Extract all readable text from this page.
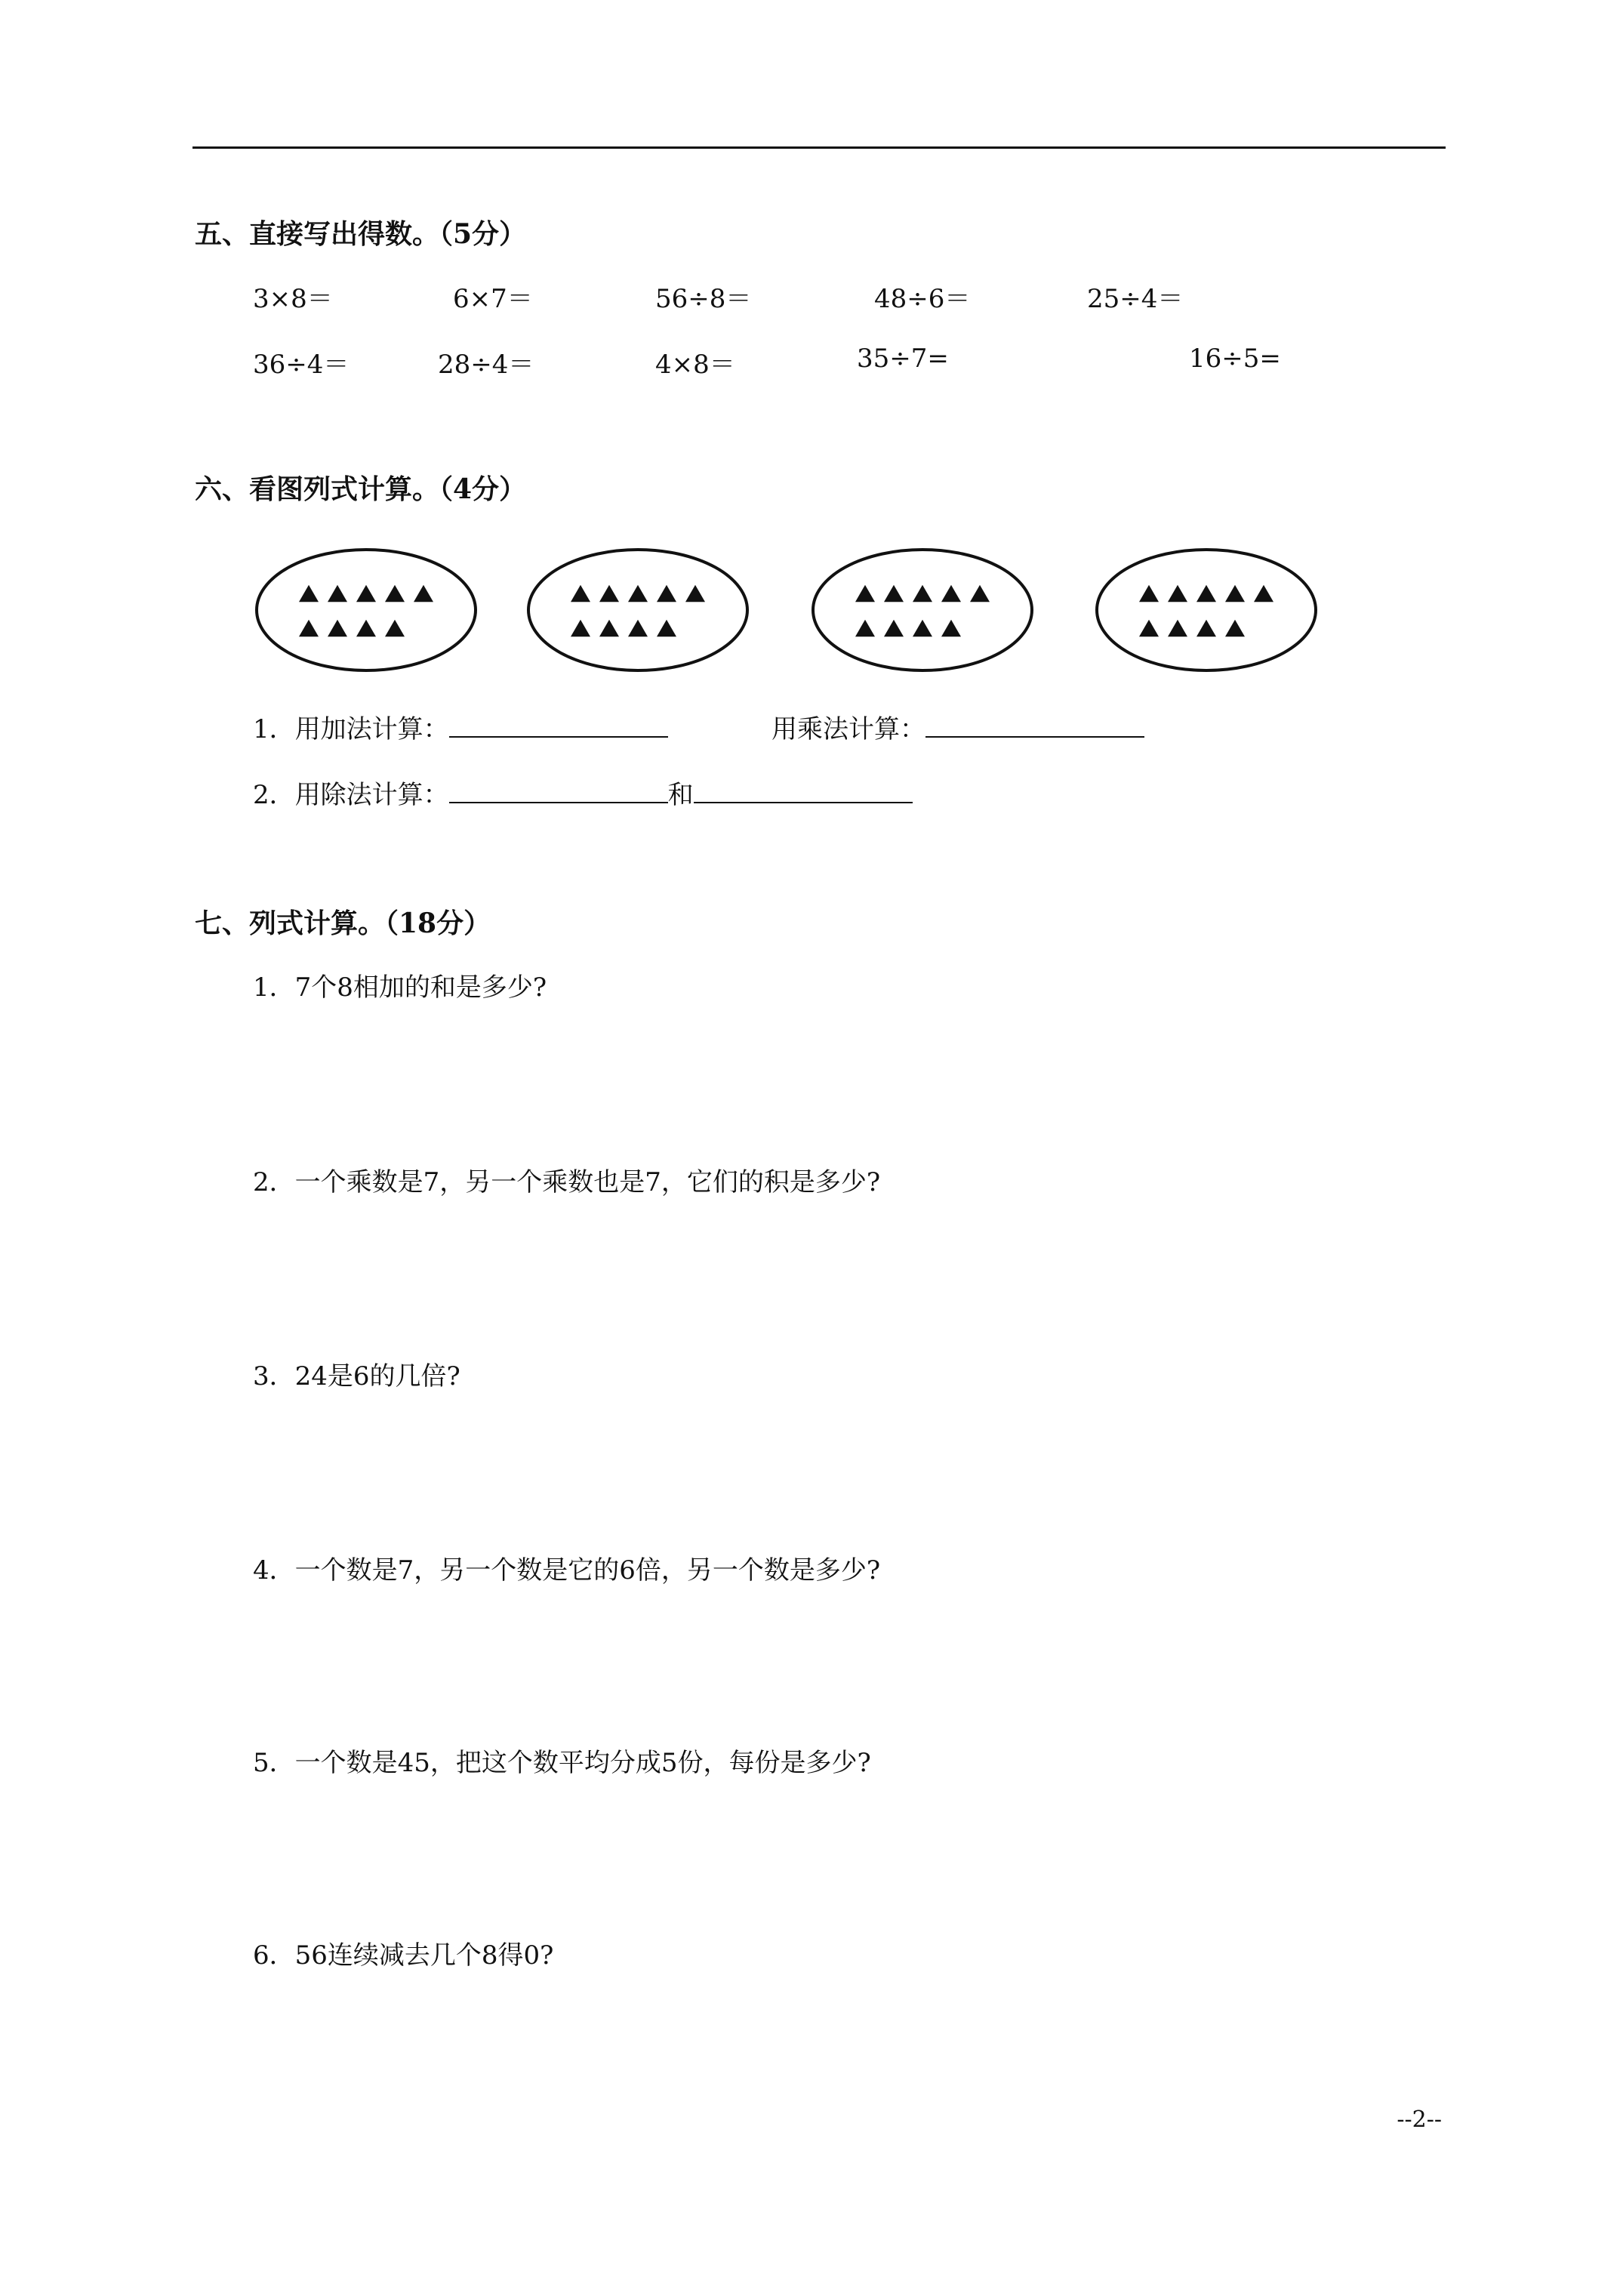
五、直接写出得数。（5分）
3×8＝	6×7＝	56÷8＝	48÷6＝	25÷4＝
36÷4＝	28÷4＝	4×8＝	35÷7=	16÷5=
六、看图列式计算。（4分）
1．用加法计算：	用乘法计算：
2．用除法计算：	和
七、列式计算。（18分）
1．7个8相加的和是多少?
2．一个乘数是7，另一个乘数也是7，它们的积是多少?
3．24是6的几倍?
4．一个数是7，另一个数是它的6倍，另一个数是多少?
5．一个数是45，把这个数平均分成5份，每份是多少?
6．56连续减去几个8得0?
--2--
